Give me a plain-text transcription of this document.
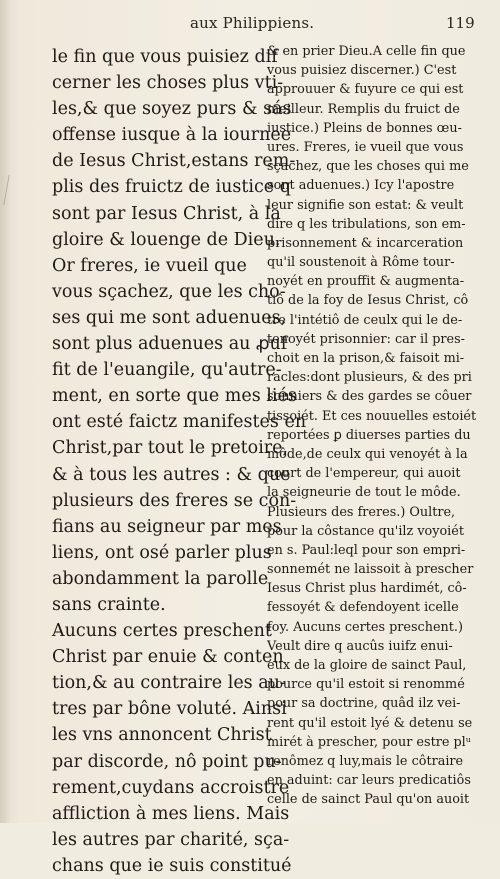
aux Philippiens.	119
le fin que vous puisiez dif
cerner les choses plus vti-
les,& que soyez purs & sás
offense iusque à la iournee
de Iesus Christ,estans rem-
plis des fruictz de iustice q
sont par Iesus Christ, à la
gloire & louenge de Dieu.
Or freres, ie vueil que
vous sçachez, que les cho-
ses qui me sont aduenues,
sont plus aduenues au ꝓuf
fit de l'euangile, qu'autre-
ment, en sorte que mes liés
ont esté faictz manifestes en
Christ,par tout le pretoire,
& à tous les autres : & que
plusieurs des freres se con-
fians au seigneur par mes
liens, ont osé parler plus
abondamment la parolle
sans crainte.
Aucuns certes preschent
Christ par enuie & conten
tion,& au contraire les au-
tres par bône voluté. Ainsi
les vns annoncent Christ
par discorde, nô point pu-
rement,cuydans accroistre
affliction à mes liens. Mais
les autres par charité, sça-
chans que ie suis constitué
& en prier Dieu.A celle fin que
vous puisiez discerner.) C'est
approuuer & fuyure ce qui est
meilleur. Remplis du fruict de
iustice.) Pleins de bonnes œu-
ures. Freres, ie vueil que vous
sçachez, que les choses qui me
sont aduenues.) Icy l'apostre
leur signifie son estat: & veult
dire q les tribulations, son em-
prisonnement & incarceration
qu'il soustenoit à Rôme tour-
noyét en prouffit & augmenta-
tiô de la foy de Iesus Christ, cô
tre l'intétiô de ceulx qui le de-
tenoyét prisonnier: car il pres-
choit en la prison,& faisoit mi-
racles:dont plusieurs, & des pri
sonniers & des gardes se côuer
tissoiét. Et ces nouuelles estoiét
reportées ꝑ diuerses parties du
môde,de ceulx qui venoyét à la
court de l'empereur, qui auoit
la seigneurie de tout le môde.
Plusieurs des freres.) Oultre,
pour la côstance qu'ilz voyoiét
en s. Paul:leql pour son empri-
sonnemét ne laissoit à prescher
Iesus Christ plus hardimét, cô-
fessoyét & defendoyent icelle
foy. Aucuns certes preschent.)
Veult dire q aucûs iuifz enui-
eux de la gloire de sainct Paul,
pource qu'il estoit si renommé
pour sa doctrine, quâd ilz vei-
rent qu'il estoit lyé & detenu se
mirét à prescher, pour estre plᵘ
renômez q luy,mais le côtraire
en aduint: car leurs predicatiôs
celle de sainct Paul qu'on auoit
